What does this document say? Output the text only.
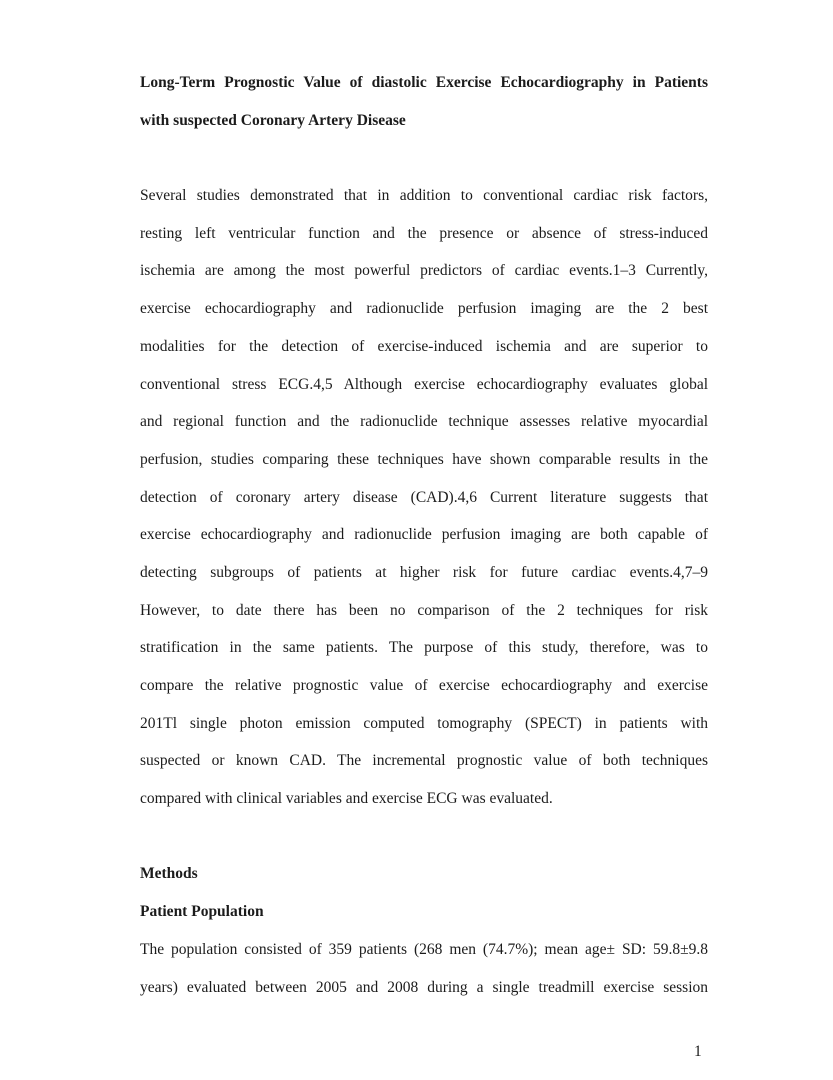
Long-Term Prognostic Value of diastolic Exercise Echocardiography in Patients
with suspected Coronary Artery Disease
Several studies demonstrated that in addition to conventional cardiac risk factors,
resting left ventricular function and the presence or absence of stress-induced
ischemia are among the most powerful predictors of cardiac events.1–3 Currently,
exercise echocardiography and radionuclide perfusion imaging are the 2 best
modalities for the detection of exercise-induced ischemia and are superior to
conventional stress ECG.4,5 Although exercise echocardiography evaluates global
and regional function and the radionuclide technique assesses relative myocardial
perfusion, studies comparing these techniques have shown comparable results in the
detection of coronary artery disease (CAD).4,6 Current literature suggests that
exercise echocardiography and radionuclide perfusion imaging are both capable of
detecting subgroups of patients at higher risk for future cardiac events.4,7–9
However, to date there has been no comparison of the 2 techniques for risk
stratification in the same patients. The purpose of this study, therefore, was to
compare the relative prognostic value of exercise echocardiography and exercise
201Tl single photon emission computed tomography (SPECT) in patients with
suspected or known CAD. The incremental prognostic value of both techniques
compared with clinical variables and exercise ECG was evaluated.
Methods
Patient Population
The population consisted of 359 patients (268 men (74.7%); mean age± SD: 59.8±9.8
years) evaluated between 2005 and 2008 during a single treadmill exercise session
1
